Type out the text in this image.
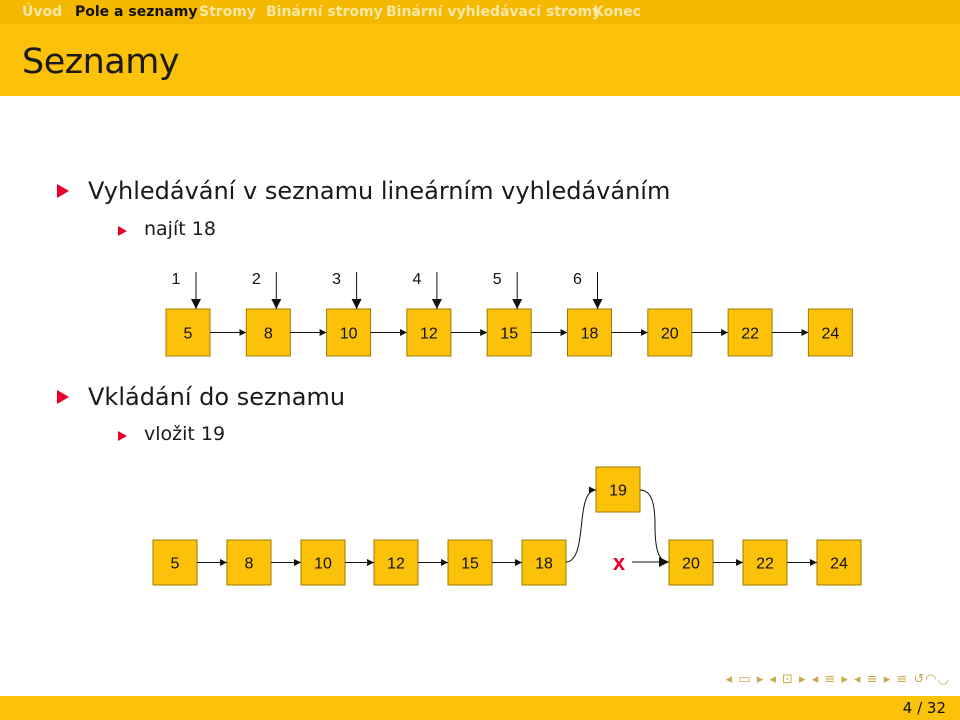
Úvod Pole a seznamy Stromy Binární stromy Binární vyhledávací stromy
Konec
Seznamy
Vyhledávání v seznamu lineárním vyhledáváním
najít 18
Vkládání do seznamu
vložit 19
5	8	10	12	15	18	20	22	24
1	2	3	4	5	6
5	8	10	12	15	18	20	22	24
19
x
◂ ▭ ▸ ◂ ⊡ ▸ ◂ ≡ ▸ ◂ ≡ ▸ ≡ ↺◠◡
4 / 32
